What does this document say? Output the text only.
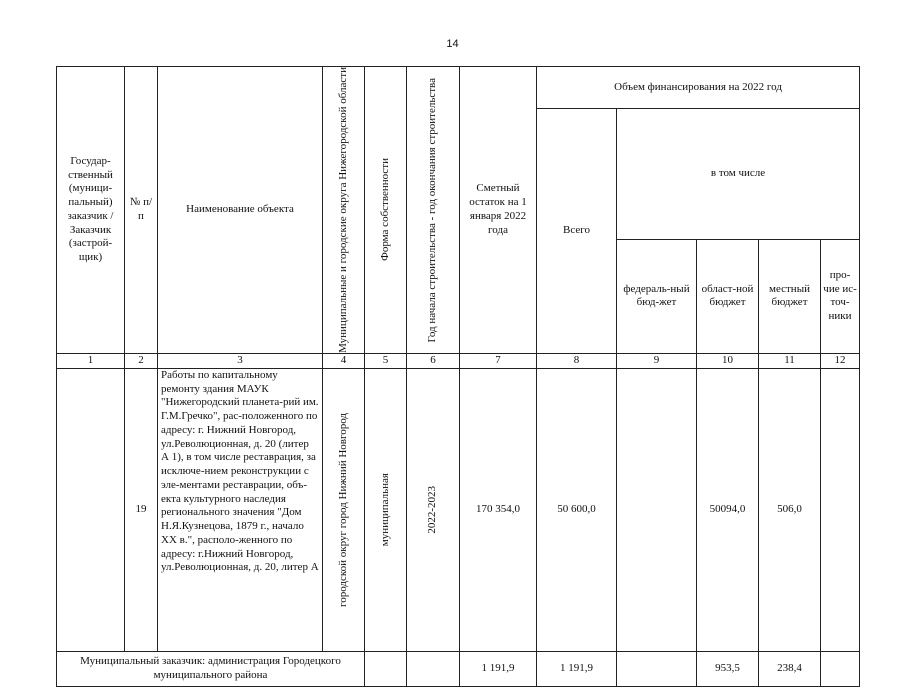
14
Государ-ственный (муници-пальный) заказчик / Заказчик (застрой-щик)	№ п/п	Наименование объекта	Муниципальные и городские округа Нижегородской области	Форма собственности	Год начала строительства - год окончания строительства	Сметный остаток на 1 января 2022 года	Объем финансирования на 2022 год				
							Всего	в том числе			
								федераль-ный бюд-жет	област-ной бюджет	местный бюджет	про-чие ис-точ-ники
1	2	3	4	5	6	7	8	9	10	11	12
	19	Работы по капитальному ремонту здания МАУК "Нижегородский планета-рий им. Г.М.Гречко", рас-положенного по адресу: г. Нижний Новгород, ул.Революционная, д. 20 (литер А 1), в том числе реставрация, за исключе-нием реконструкции с эле-ментами реставрации, объ-екта культурного наследия регионального значения "Дом Н.Я.Кузнецова, 1879 г., начало XX в.", располо-женного по адресу: г.Нижний Новгород, ул.Революционная, д. 20, литер А	городской округ город Нижний Новгород	муниципальная	2022-2023	170 354,0	50 600,0		50094,0	506,0	
Муниципальный заказчик: администрация Городецкого муниципального района						1 191,9	1 191,9		953,5	238,4	
